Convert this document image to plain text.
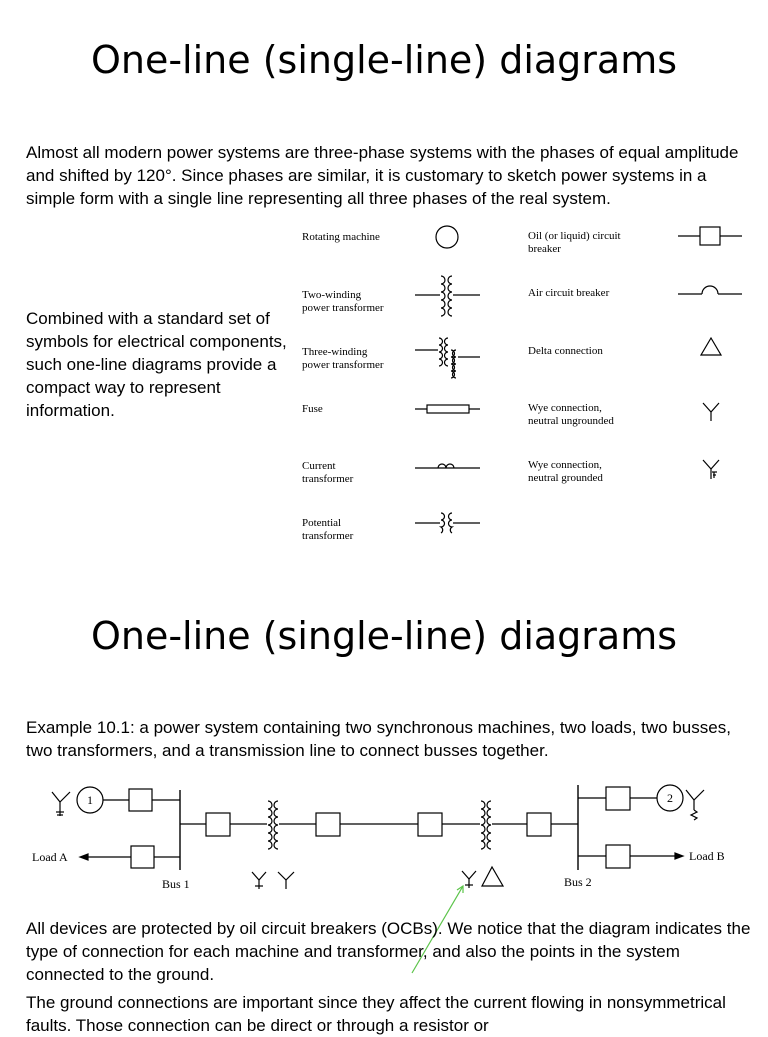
One-line (single-line) diagrams

Almost all modern power systems are three-phase systems with the phases of equal amplitude and shifted by 120°. Since phases are similar, it is customary to sketch power systems in a simple form with a single line representing all three phases of the real system.

Combined with a standard set of symbols for electrical components, such one-line diagrams provide a compact way to represent information.

Rotating machine
Two-winding
power transformer
Three-winding
power transformer
Fuse
Current
transformer
Potential
transformer
Oil (or liquid) circuit
breaker
Air circuit breaker
Delta connection
Wye connection,
neutral ungrounded
Wye connection,
neutral grounded
One-line (single-line) diagrams

Example 10.1: a power system containing two synchronous machines, two loads, two busses, two transformers, and a transmission line to connect busses together.

1	2
Load A	Load B
Bus 1	Bus 2

All devices are protected by oil circuit breakers (OCBs). We notice that the diagram indicates the type of connection for each machine and transformer, and also the points in the system connected to the ground.

The ground connections are important since they affect the current flowing in nonsymmetrical faults. Those connection can be direct or through a resistor or
